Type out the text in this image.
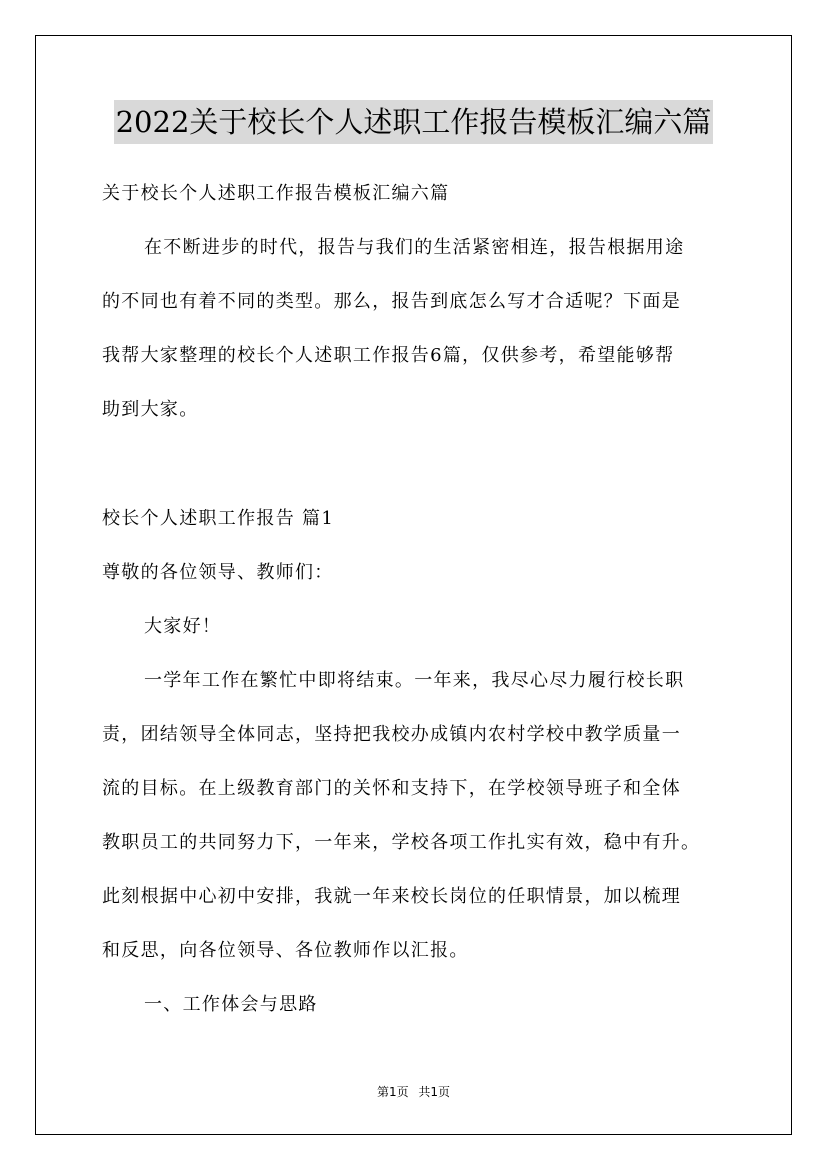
2022关于校长个人述职工作报告模板汇编六篇
关于校长个人述职工作报告模板汇编六篇
在不断进步的时代，报告与我们的生活紧密相连，报告根据用途
的不同也有着不同的类型。那么，报告到底怎么写才合适呢？下面是
我帮大家整理的校长个人述职工作报告6篇，仅供参考，希望能够帮
助到大家。
校长个人述职工作报告 篇1
尊敬的各位领导、教师们：
大家好！
一学年工作在繁忙中即将结束。一年来，我尽心尽力履行校长职
责，团结领导全体同志，坚持把我校办成镇内农村学校中教学质量一
流的目标。在上级教育部门的关怀和支持下，在学校领导班子和全体
教职员工的共同努力下，一年来，学校各项工作扎实有效，稳中有升。
此刻根据中心初中安排，我就一年来校长岗位的任职情景，加以梳理
和反思，向各位领导、各位教师作以汇报。
一、工作体会与思路
第1页 共1页
